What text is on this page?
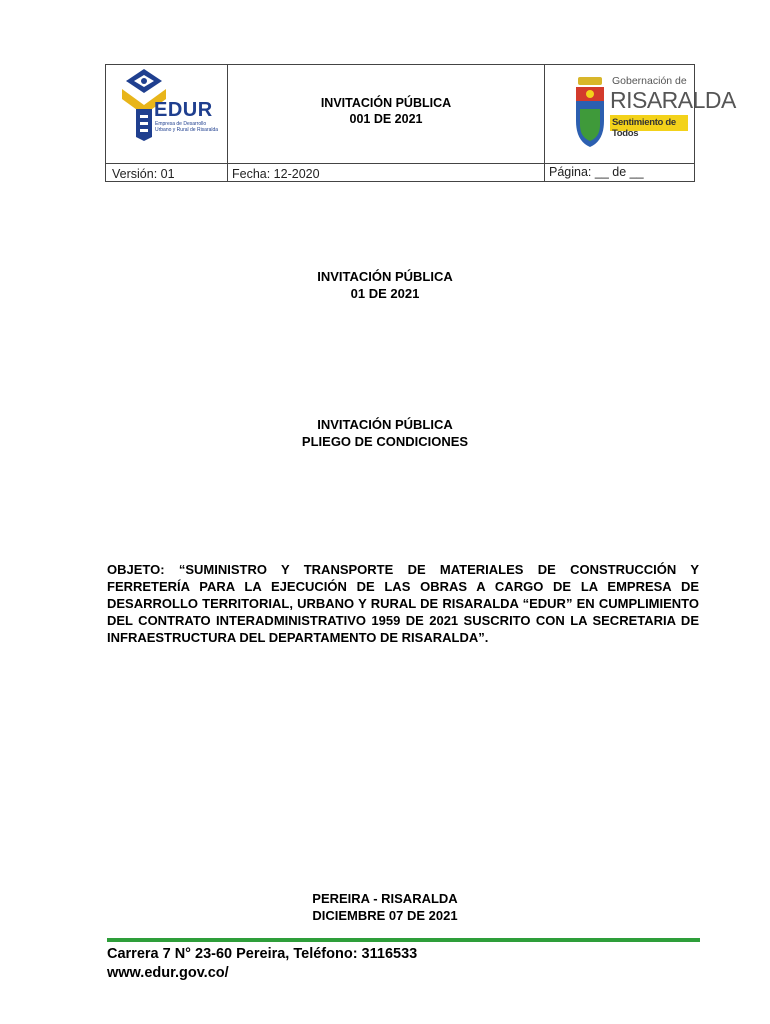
EDUR
Empresa de Desarrollo
Urbano y Rural de Risaralda
INVITACIÓN PÚBLICA
001 DE 2021
Gobernación de
RISARALDA
Sentimiento de Todos
Versión: 01	Fecha: 12-2020	Página: __ de __
INVITACIÓN PÚBLICA
01 DE 2021
INVITACIÓN PÚBLICA
PLIEGO DE CONDICIONES
OBJETO: “SUMINISTRO Y TRANSPORTE DE MATERIALES DE CONSTRUCCIÓN Y FERRETERÍA PARA LA EJECUCIÓN DE LAS OBRAS A CARGO DE LA EMPRESA DE DESARROLLO TERRITORIAL, URBANO Y RURAL DE RISARALDA “EDUR” EN CUMPLIMIENTO DEL CONTRATO INTERADMINISTRATIVO 1959 DE 2021 SUSCRITO CON LA SECRETARIA DE INFRAESTRUCTURA DEL DEPARTAMENTO DE RISARALDA”.
PEREIRA - RISARALDA
DICIEMBRE 07 DE 2021
Carrera 7 N° 23-60 Pereira, Teléfono: 3116533
www.edur.gov.co/
